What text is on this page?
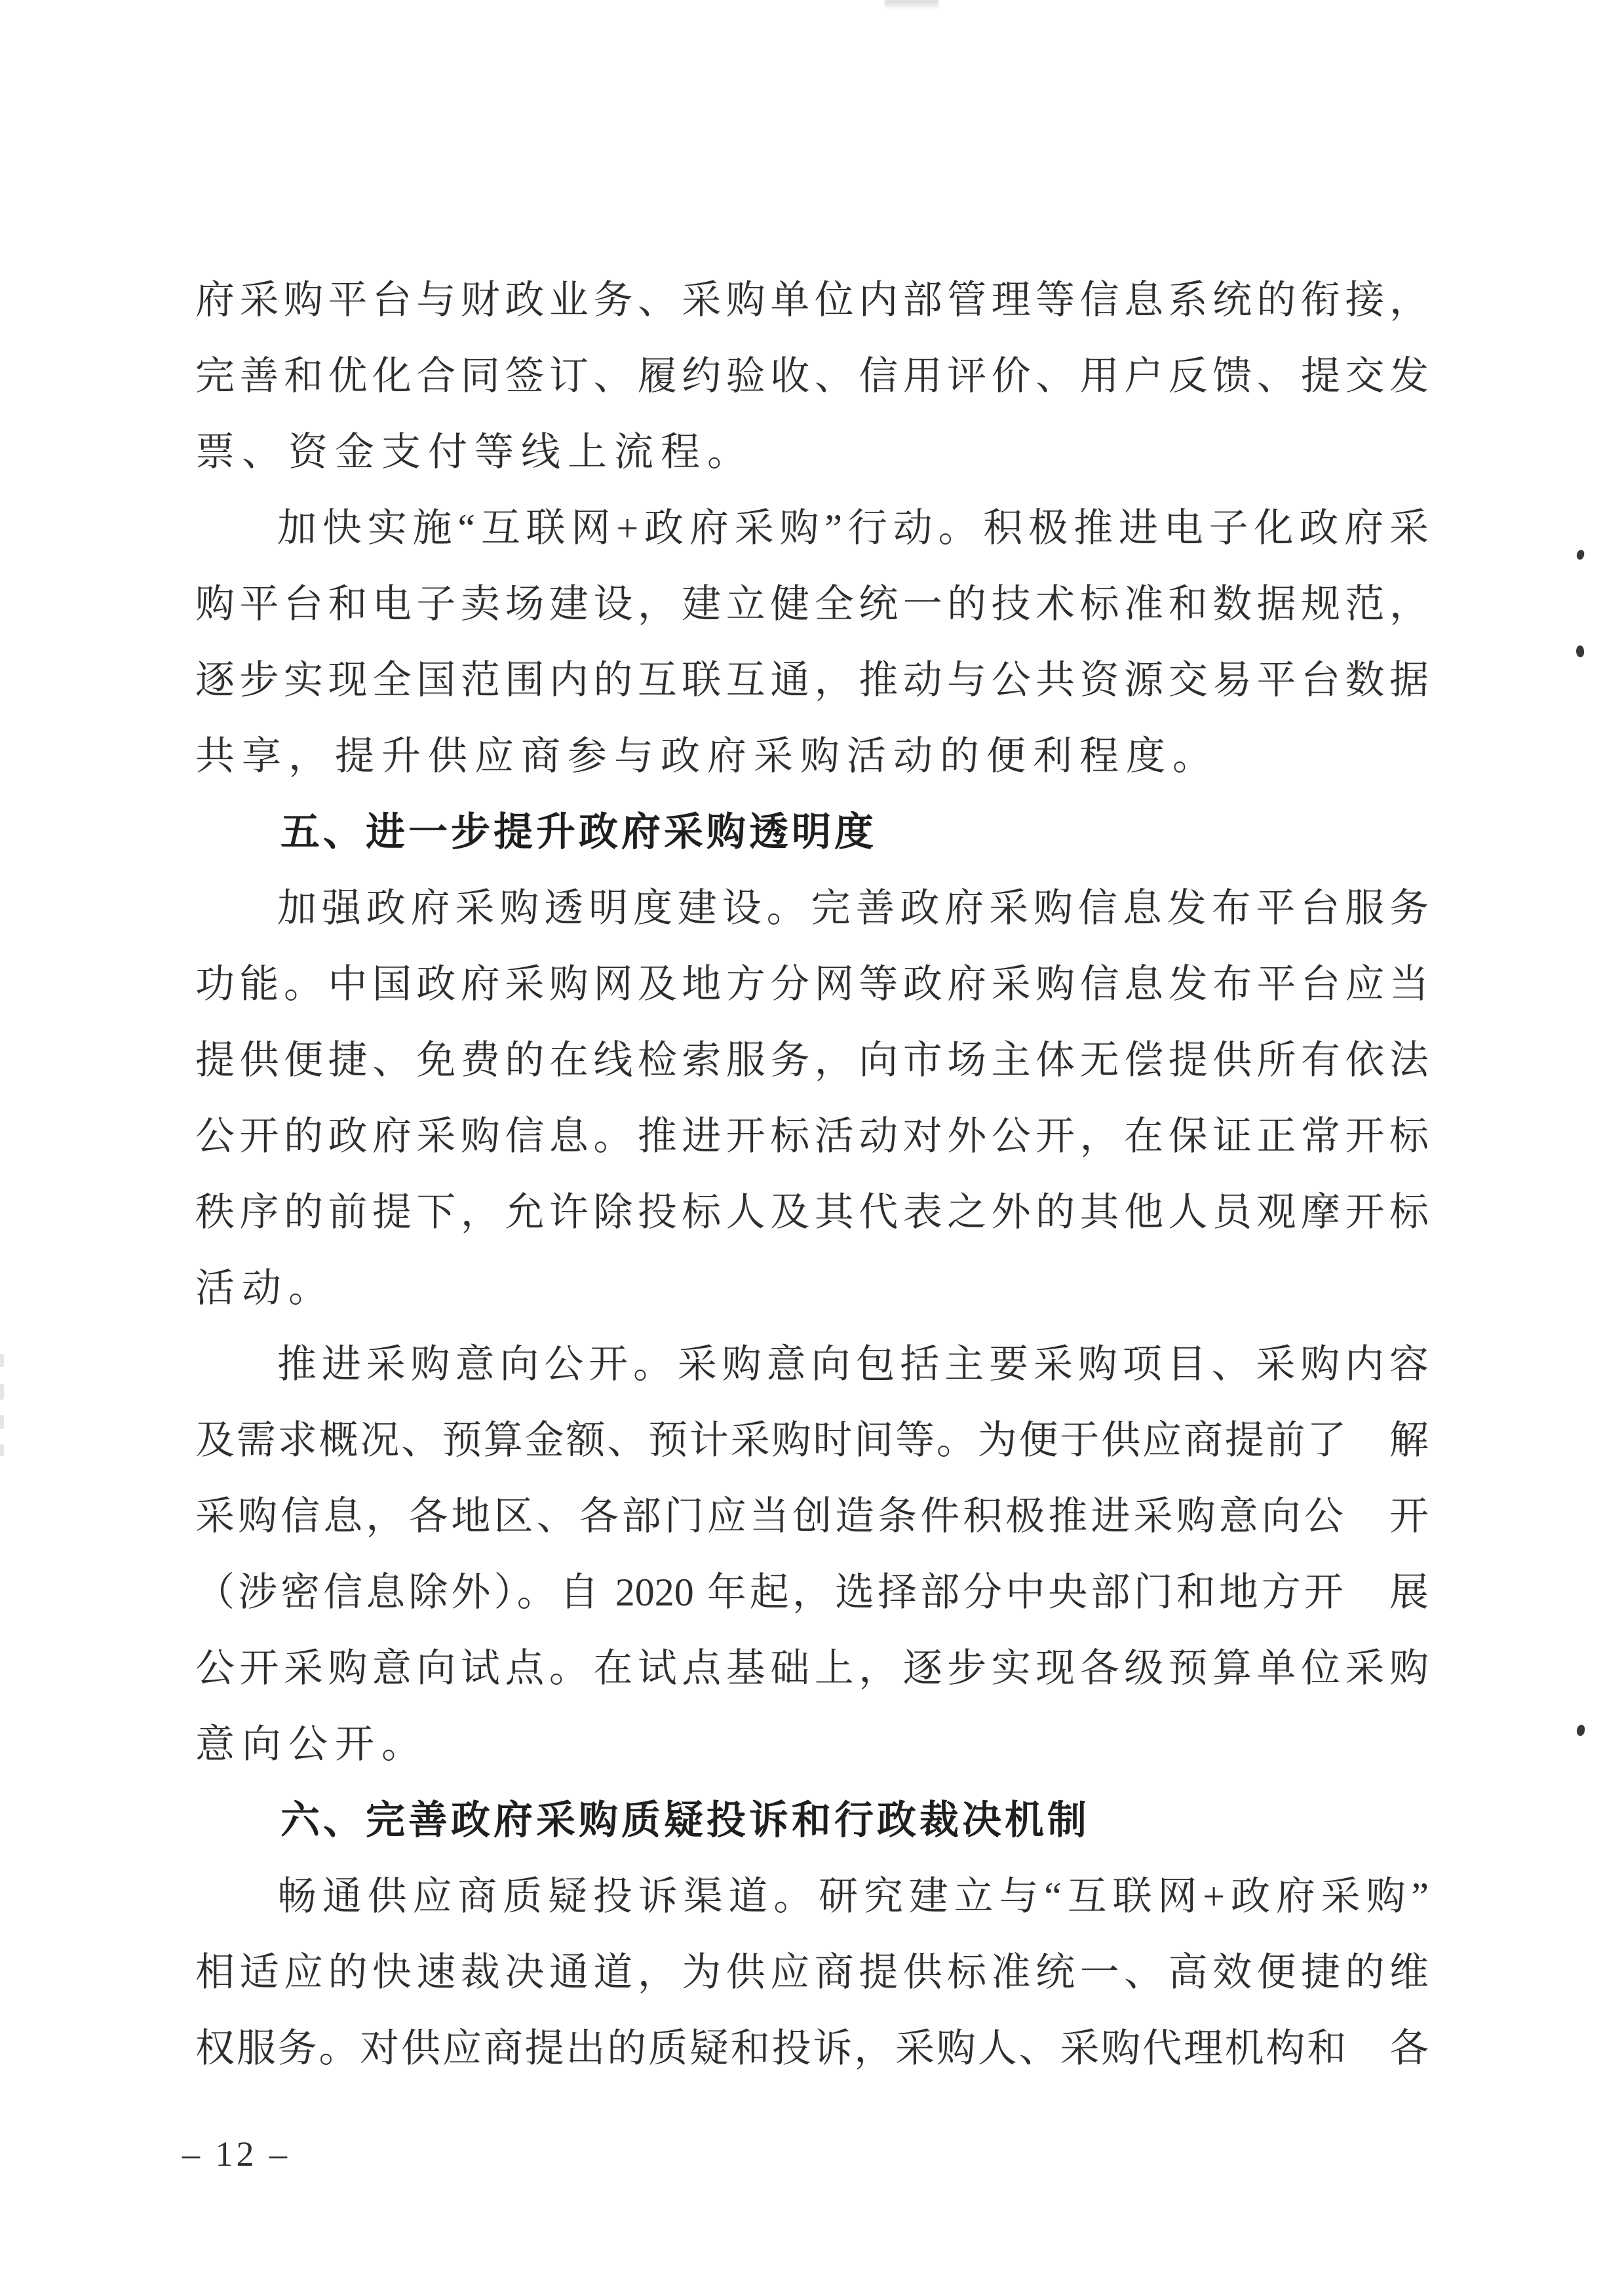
府采购平台与财政业务、采购单位内部管理等信息系统的衔接，

完善和优化合同签订、履约验收、信用评价、用户反馈、提交发

票、资金支付等线上流程。

加快实施“互联网+政府采购”行动。积极推进电子化政府采

购平台和电子卖场建设，建立健全统一的技术标准和数据规范，

逐步实现全国范围内的互联互通，推动与公共资源交易平台数据

共享，提升供应商参与政府采购活动的便利程度。

五、进一步提升政府采购透明度

加强政府采购透明度建设。完善政府采购信息发布平台服务

功能。中国政府采购网及地方分网等政府采购信息发布平台应当

提供便捷、免费的在线检索服务，向市场主体无偿提供所有依法

公开的政府采购信息。推进开标活动对外公开，在保证正常开标

秩序的前提下，允许除投标人及其代表之外的其他人员观摩开标

活动。

推进采购意向公开。采购意向包括主要采购项目、采购内容

及需求概况、预算金额、预计采购时间等。为便于供应商提前了　解

采购信息，各地区、各部门应当创造条件积极推进采购意向公　开

（涉密信息除外）。自 2020 年起，选择部分中央部门和地方开　展

公开采购意向试点。在试点基础上，逐步实现各级预算单位采购

意向公开。

六、完善政府采购质疑投诉和行政裁决机制

畅通供应商质疑投诉渠道。研究建立与“互联网+政府采购”

相适应的快速裁决通道，为供应商提供标准统一、高效便捷的维

权服务。对供应商提出的质疑和投诉，采购人、采购代理机构和　各

– 12 –
